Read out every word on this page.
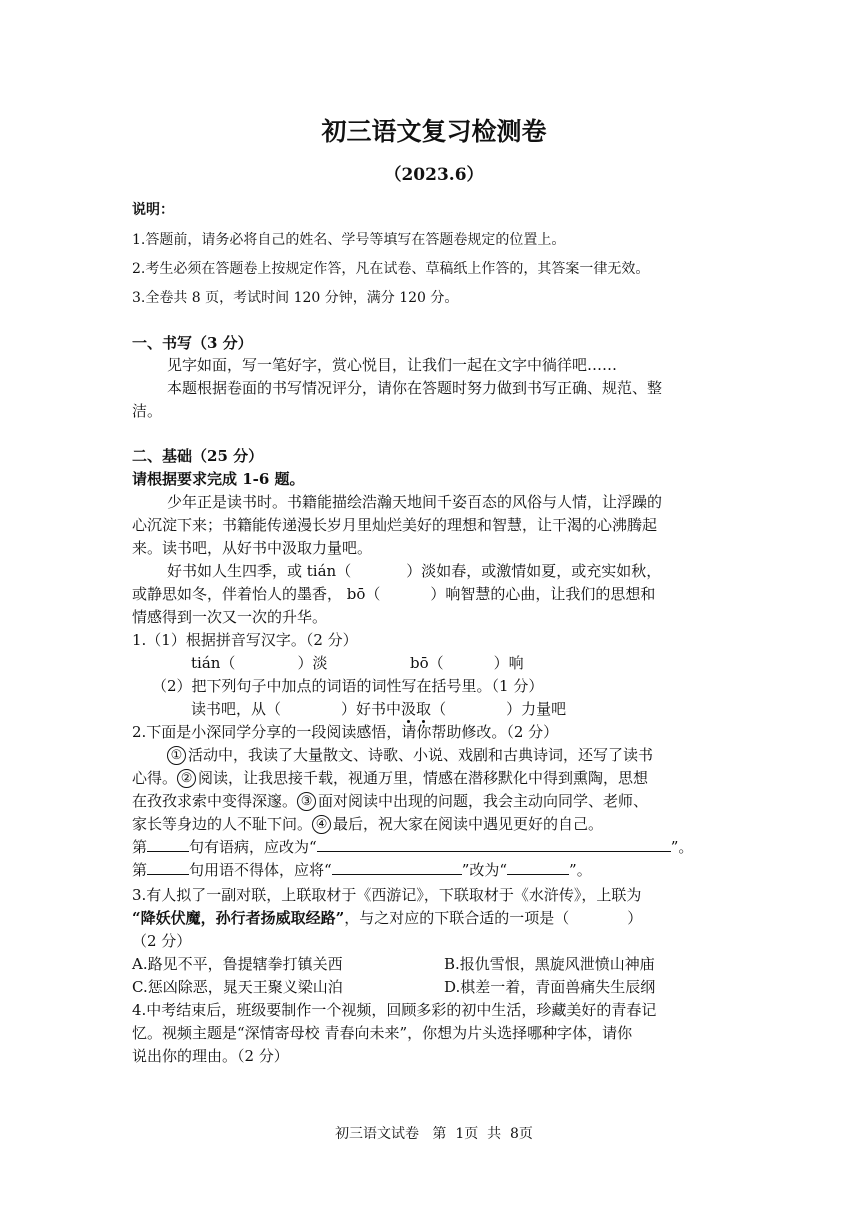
初三语文复习检测卷
（2023.6）
说明：
1.答题前，请务必将自己的姓名、学号等填写在答题卷规定的位置上。
2.考生必须在答题卷上按规定作答，凡在试卷、草稿纸上作答的，其答案一律无效。
3.全卷共 8 页，考试时间 120 分钟，满分 120 分。
一、书写（3 分）
见字如面，写一笔好字，赏心悦目，让我们一起在文字中徜徉吧……
本题根据卷面的书写情况评分，请你在答题时努力做到书写正确、规范、整
洁。
二、基础（25 分）
请根据要求完成 1-6 题。
少年正是读书时。书籍能描绘浩瀚天地间千姿百态的风俗与人情，让浮躁的
心沉淀下来；书籍能传递漫长岁月里灿烂美好的理想和智慧，让干渴的心沸腾起
来。读书吧，从好书中汲取力量吧。
好书如人生四季，或 tián（	）淡如春，或激情如夏，或充实如秋，
或静思如冬，伴着怡人的墨香， bō（	）响智慧的心曲，让我们的思想和
情感得到一次又一次的升华。
1.（1）根据拼音写汉字。（2 分）
tián（	）淡	bō（	）响
（2）把下列句子中加点的词语的词性写在括号里。（1 分）
读书吧，从（	）好书中汲取（	）力量吧
2.下面是小深同学分享的一段阅读感悟，请你帮助修改。（2 分）
① 活动中，我读了大量散文、诗歌、小说、戏剧和古典诗词，还写了读书
心得。 ② 阅读，让我思接千载，视通万里，情感在潜移默化中得到熏陶，思想
在孜孜求索中变得深邃。 ③ 面对阅读中出现的问题，我会主动向同学、老师、
家长等身边的人不耻下问。 ④ 最后，祝大家在阅读中遇见更好的自己。
第	句有语病，应改为“	”。
第	句用语不得体，应将“	”改为“	”。
3.有人拟了一副对联，上联取材于《西游记》，下联取材于《水浒传》，上联为
“降妖伏魔，孙行者扬威取经路”，与之对应的下联合适的一项是（	）
（2 分）
A.路见不平，鲁提辖拳打镇关西	B.报仇雪恨，黑旋风泄愤山神庙
C.惩凶除恶，晁天王聚义梁山泊	D.棋差一着，青面兽痛失生辰纲
4.中考结束后，班级要制作一个视频，回顾多彩的初中生活，珍藏美好的青春记
忆。视频主题是“深情寄母校 青春向未来”，你想为片头选择哪种字体，请你
说出你的理由。（2 分）
初三语文试卷   第  1页  共  8页
